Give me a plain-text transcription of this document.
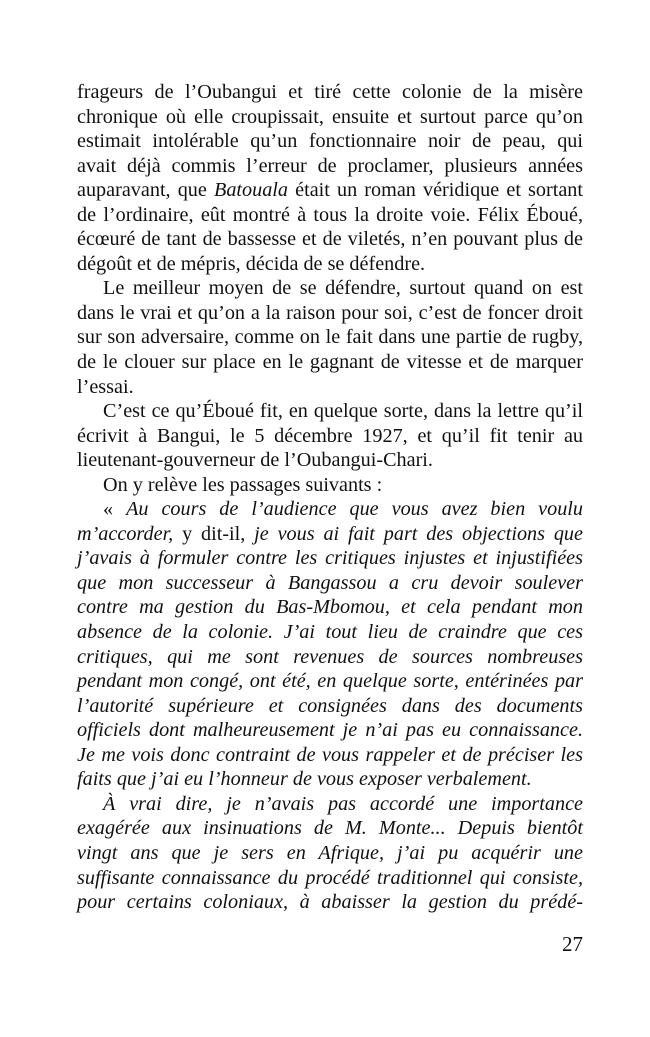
frageurs de l’Oubangui et tiré cette colonie de la misère
chronique où elle croupissait, ensuite et surtout parce qu’on
estimait intolérable qu’un fonctionnaire noir de peau, qui
avait déjà commis l’erreur de proclamer, plusieurs années
auparavant, que Batouala était un roman véridique et sortant
de l’ordinaire, eût montré à tous la droite voie. Félix Éboué,
écœuré de tant de bassesse et de viletés, n’en pouvant plus de
dégoût et de mépris, décida de se défendre.
Le meilleur moyen de se défendre, surtout quand on est
dans le vrai et qu’on a la raison pour soi, c’est de foncer droit
sur son adversaire, comme on le fait dans une partie de rugby,
de le clouer sur place en le gagnant de vitesse et de marquer
l’essai.
C’est ce qu’Éboué fit, en quelque sorte, dans la lettre qu’il
écrivit à Bangui, le 5 décembre 1927, et qu’il fit tenir au
lieutenant-gouverneur de l’Oubangui-Chari.
On y relève les passages suivants :
« Au cours de l’audience que vous avez bien voulu
m’accorder, y dit-il, je vous ai fait part des objections que
j’avais à formuler contre les critiques injustes et injustifiées
que mon successeur à Bangassou a cru devoir soulever
contre ma gestion du Bas-Mbomou, et cela pendant mon
absence de la colonie. J’ai tout lieu de craindre que ces
critiques, qui me sont revenues de sources nombreuses
pendant mon congé, ont été, en quelque sorte, entérinées par
l’autorité supérieure et consignées dans des documents
officiels dont malheureusement je n’ai pas eu connaissance.
Je me vois donc contraint de vous rappeler et de préciser les
faits que j’ai eu l’honneur de vous exposer verbalement.
À vrai dire, je n’avais pas accordé une importance
exagérée aux insinuations de M. Monte... Depuis bientôt
vingt ans que je sers en Afrique, j’ai pu acquérir une
suffisante connaissance du procédé traditionnel qui consiste,
pour certains coloniaux, à abaisser la gestion du prédé-
27
